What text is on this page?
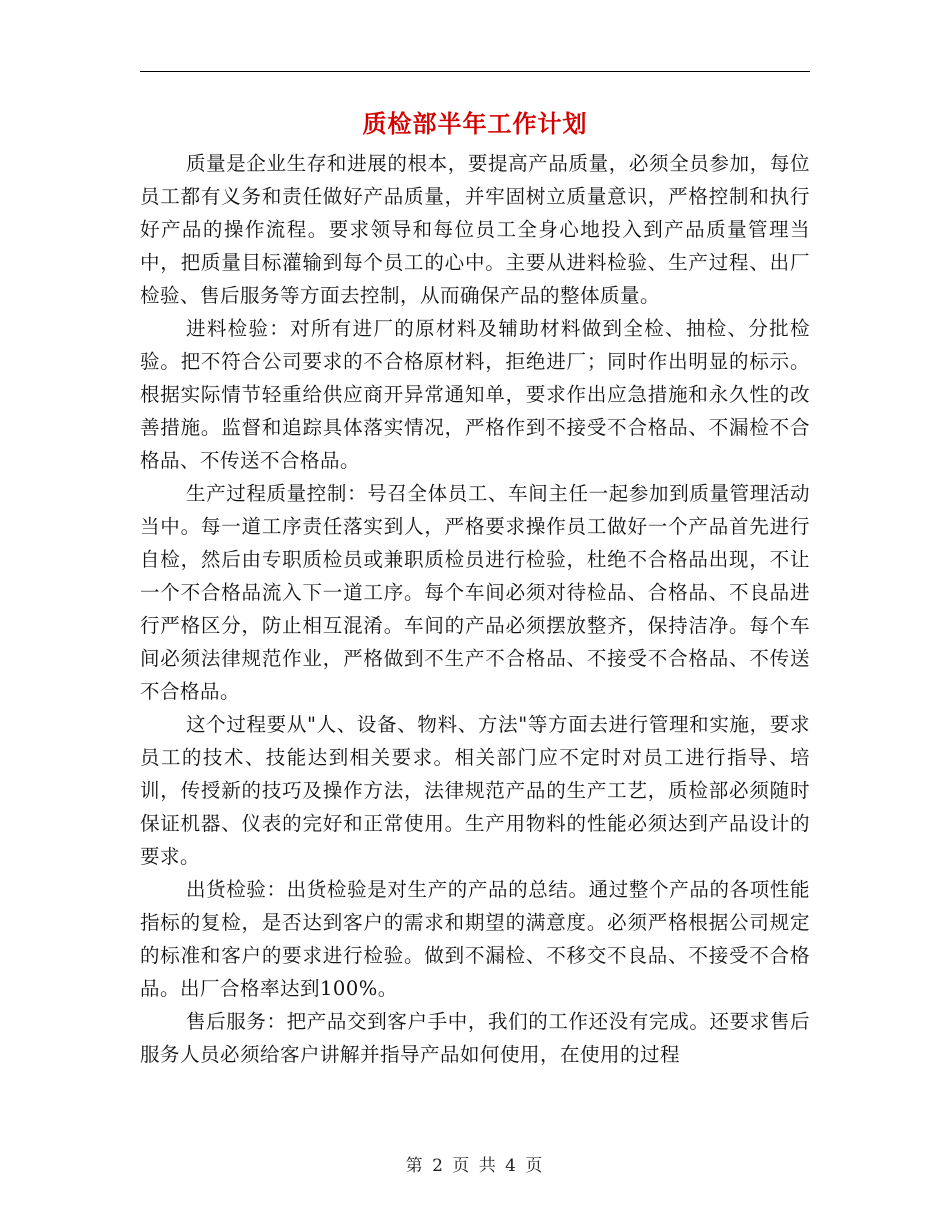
质检部半年工作计划

质量是企业生存和进展的根本，要提高产品质量，必须全员参加，每位员工都有义务和责任做好产品质量，并牢固树立质量意识，严格控制和执行好产品的操作流程。要求领导和每位员工全身心地投入到产品质量管理当中，把质量目标灌输到每个员工的心中。主要从进料检验、生产过程、出厂检验、售后服务等方面去控制，从而确保产品的整体质量。

进料检验：对所有进厂的原材料及辅助材料做到全检、抽检、分批检验。把不符合公司要求的不合格原材料，拒绝进厂；同时作出明显的标示。根据实际情节轻重给供应商开异常通知单，要求作出应急措施和永久性的改善措施。监督和追踪具体落实情况，严格作到不接受不合格品、不漏检不合格品、不传送不合格品。

生产过程质量控制：号召全体员工、车间主任一起参加到质量管理活动当中。每一道工序责任落实到人，严格要求操作员工做好一个产品首先进行自检，然后由专职质检员或兼职质检员进行检验，杜绝不合格品出现，不让一个不合格品流入下一道工序。每个车间必须对待检品、合格品、不良品进行严格区分，防止相互混淆。车间的产品必须摆放整齐，保持洁净。每个车间必须法律规范作业，严格做到不生产不合格品、不接受不合格品、不传送不合格品。

这个过程要从"人、设备、物料、方法"等方面去进行管理和实施，要求员工的技术、技能达到相关要求。相关部门应不定时对员工进行指导、培训，传授新的技巧及操作方法，法律规范产品的生产工艺，质检部必须随时保证机器、仪表的完好和正常使用。生产用物料的性能必须达到产品设计的要求。

出货检验：出货检验是对生产的产品的总结。通过整个产品的各项性能指标的复检，是否达到客户的需求和期望的满意度。必须严格根据公司规定的标准和客户的要求进行检验。做到不漏检、不移交不良品、不接受不合格品。出厂合格率达到100%。

售后服务：把产品交到客户手中，我们的工作还没有完成。还要求售后服务人员必须给客户讲解并指导产品如何使用，在使用的过程

第 2 页 共 4 页
